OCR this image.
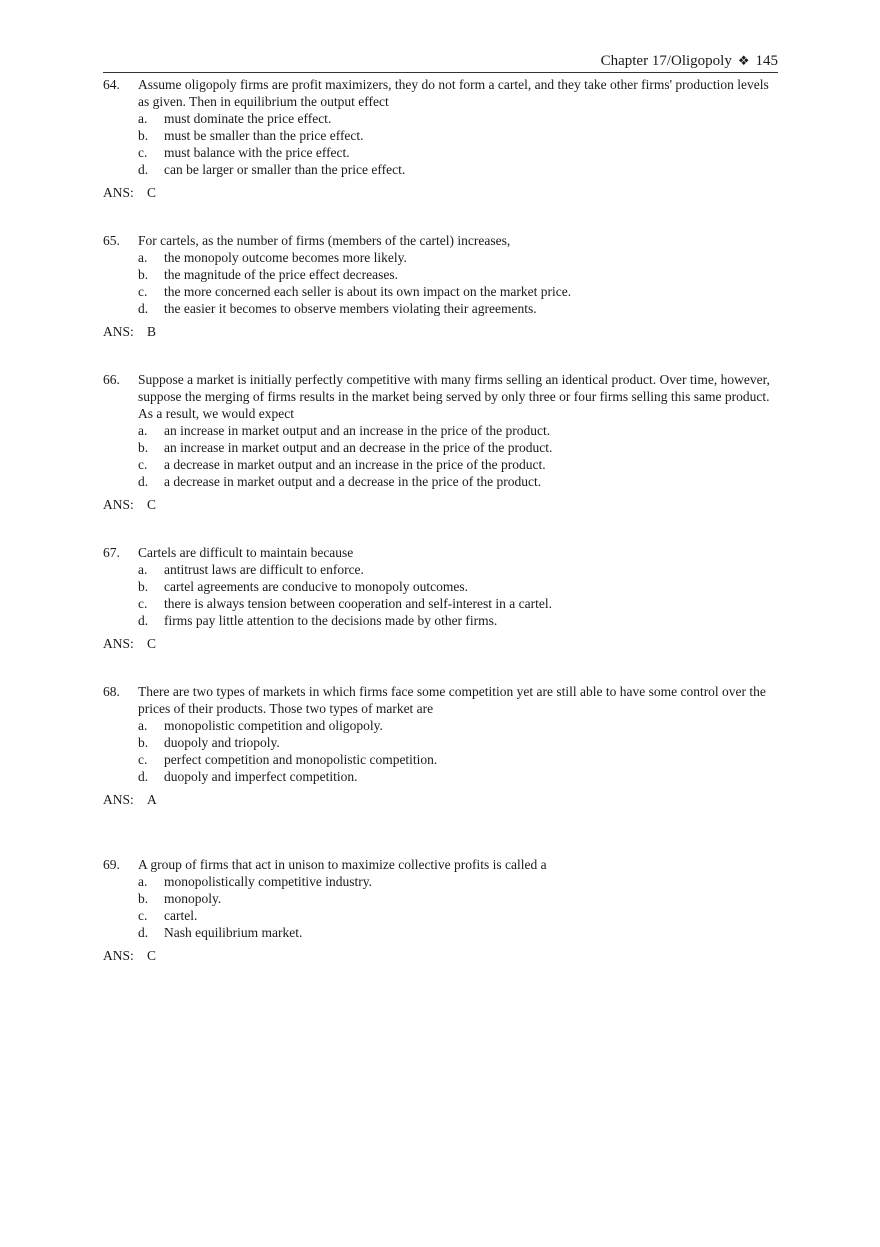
Chapter 17/Oligopoly ❖ 145
64.	Assume oligopoly firms are profit maximizers, they do not form a cartel, and they take other firms' production levels as given. Then in equilibrium the output effect
a.	must dominate the price effect.
b.	must be smaller than the price effect.
c.	must balance with the price effect.
d.	can be larger or smaller than the price effect.
ANS: C
65.	For cartels, as the number of firms (members of the cartel) increases,
a.	the monopoly outcome becomes more likely.
b.	the magnitude of the price effect decreases.
c.	the more concerned each seller is about its own impact on the market price.
d.	the easier it becomes to observe members violating their agreements.
ANS: B
66.	Suppose a market is initially perfectly competitive with many firms selling an identical product. Over time, however, suppose the merging of firms results in the market being served by only three or four firms selling this same product. As a result, we would expect
a.	an increase in market output and an increase in the price of the product.
b.	an increase in market output and an decrease in the price of the product.
c.	a decrease in market output and an increase in the price of the product.
d.	a decrease in market output and a decrease in the price of the product.
ANS: C
67.	Cartels are difficult to maintain because
a.	antitrust laws are difficult to enforce.
b.	cartel agreements are conducive to monopoly outcomes.
c.	there is always tension between cooperation and self-interest in a cartel.
d.	firms pay little attention to the decisions made by other firms.
ANS: C
68.	There are two types of markets in which firms face some competition yet are still able to have some control over the prices of their products. Those two types of market are
a.	monopolistic competition and oligopoly.
b.	duopoly and triopoly.
c.	perfect competition and monopolistic competition.
d.	duopoly and imperfect competition.
ANS: A
69.	A group of firms that act in unison to maximize collective profits is called a
a.	monopolistically competitive industry.
b.	monopoly.
c.	cartel.
d.	Nash equilibrium market.
ANS: C
